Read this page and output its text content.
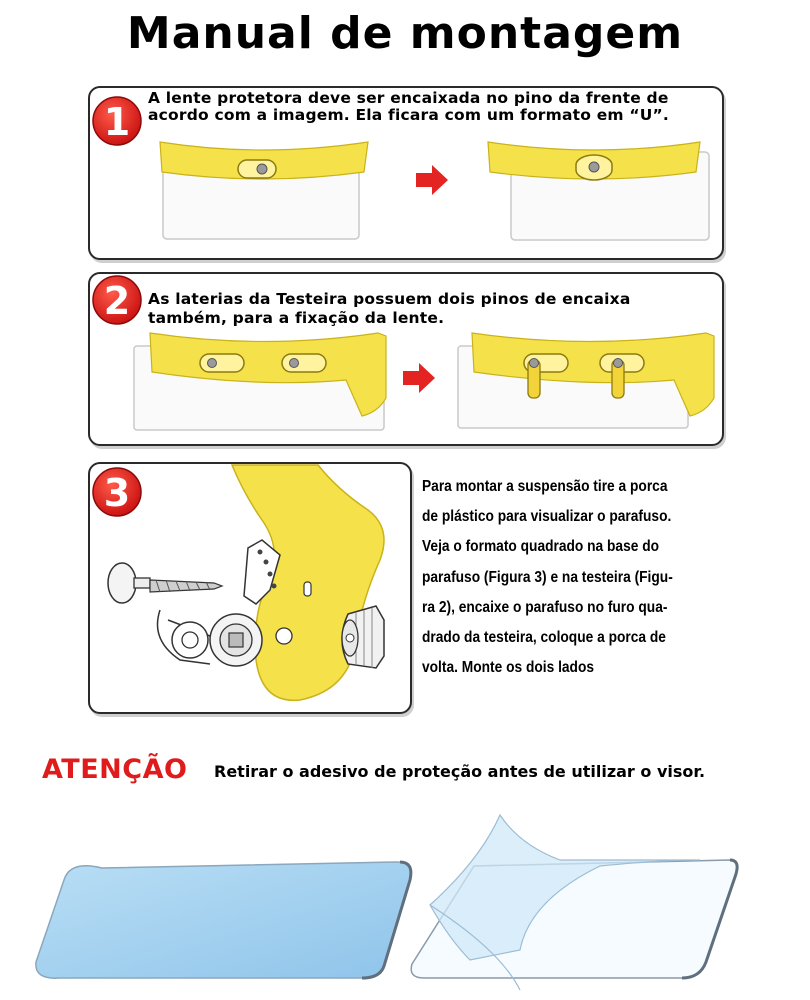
Manual de montagem
1
2
3
A lente protetora deve ser encaixada no pino da frente de acordo com a imagem. Ela ficara com um formato em “U”.
As laterias da Testeira possuem dois pinos de encaixa também, para a fixação da lente.
Para montar a suspensão tire a porca
de plástico para visualizar o parafuso.
Veja o formato quadrado na base do
parafuso (Figura 3) e na testeira (Figu-
ra 2), encaixe o parafuso no furo qua-
drado da testeira, coloque a porca de
volta. Monte os dois lados
ATENÇÃO Retirar o adesivo de proteção antes de utilizar o visor.
